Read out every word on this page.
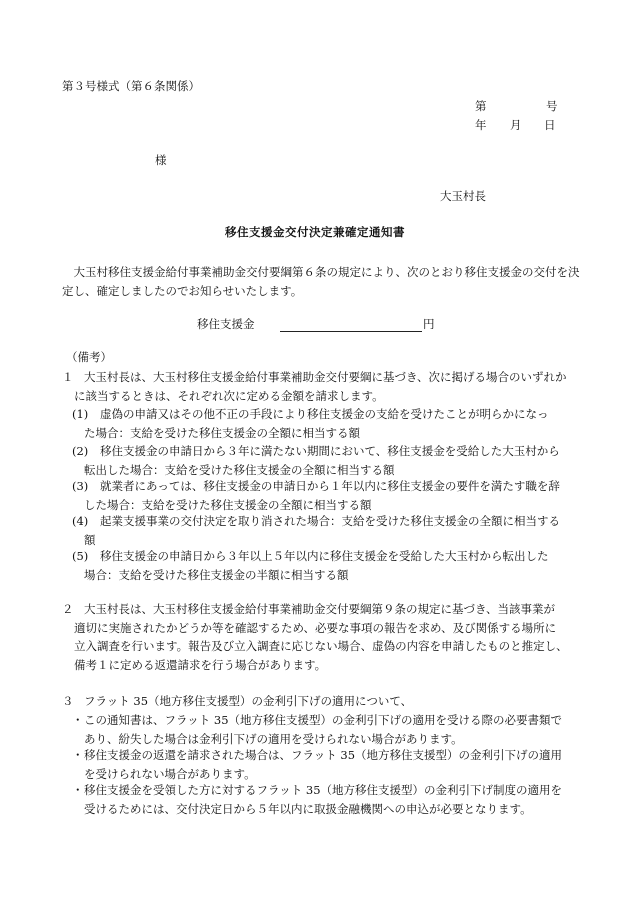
第３号様式（第６条関係）
第	号
年 月 日
様
大玉村長
移住支援金交付決定兼確定通知書
大玉村移住支援金給付事業補助金交付要綱第６条の規定により、次のとおり移住支援金の交付を決定し、確定しましたのでお知らせいたします。
移住支援金	円
（備考）
１ 大玉村長は、大玉村移住支援金給付事業補助金交付要綱に基づき、次に掲げる場合のいずれか
に該当するときは、それぞれ次に定める金額を請求します。
(1) 虚偽の申請又はその他不正の手段により移住支援金の支給を受けたことが明らかになっ
た場合：支給を受けた移住支援金の全額に相当する額
(2) 移住支援金の申請日から３年に満たない期間において、移住支援金を受給した大玉村から
転出した場合：支給を受けた移住支援金の全額に相当する額
(3) 就業者にあっては、移住支援金の申請日から１年以内に移住支援金の要件を満たす職を辞
した場合：支給を受けた移住支援金の全額に相当する額
(4) 起業支援事業の交付決定を取り消された場合：支給を受けた移住支援金の全額に相当する
額
(5) 移住支援金の申請日から３年以上５年以内に移住支援金を受給した大玉村から転出した
場合：支給を受けた移住支援金の半額に相当する額
２ 大玉村長は、大玉村移住支援金給付事業補助金交付要綱第９条の規定に基づき、当該事業が
適切に実施されたかどうか等を確認するため、必要な事項の報告を求め、及び関係する場所に
立入調査を行います。報告及び立入調査に応じない場合、虚偽の内容を申請したものと推定し、
備考１に定める返還請求を行う場合があります。
３ フラット 35（地方移住支援型）の金利引下げの適用について、
・この通知書は、フラット 35（地方移住支援型）の金利引下げの適用を受ける際の必要書類で
あり、紛失した場合は金利引下げの適用を受けられない場合があります。
・移住支援金の返還を請求された場合は、フラット 35（地方移住支援型）の金利引下げの適用
を受けられない場合があります。
・移住支援金を受領した方に対するフラット 35（地方移住支援型）の金利引下げ制度の適用を
受けるためには、交付決定日から５年以内に取扱金融機関への申込が必要となります。
